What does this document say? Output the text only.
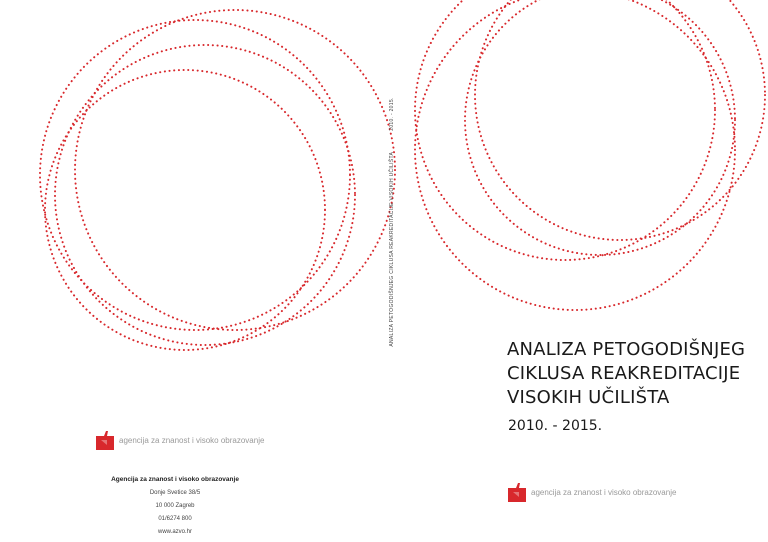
ANALIZA PETOGODIŠNJEG CIKLUSA REAKREDITACIJE VISOKIH UČILIŠTA  2010. - 2015.
agencija za znanost i visoko obrazovanje
Agencija za znanost i visoko obrazovanje
Donje Svetice 38/5
10 000 Zagreb
01/6274 800
www.azvo.hr
ANALIZA PETOGODIŠNJEG
CIKLUSA REAKREDITACIJE
VISOKIH UČILIŠTA
2010. - 2015.
agencija za znanost i visoko obrazovanje
